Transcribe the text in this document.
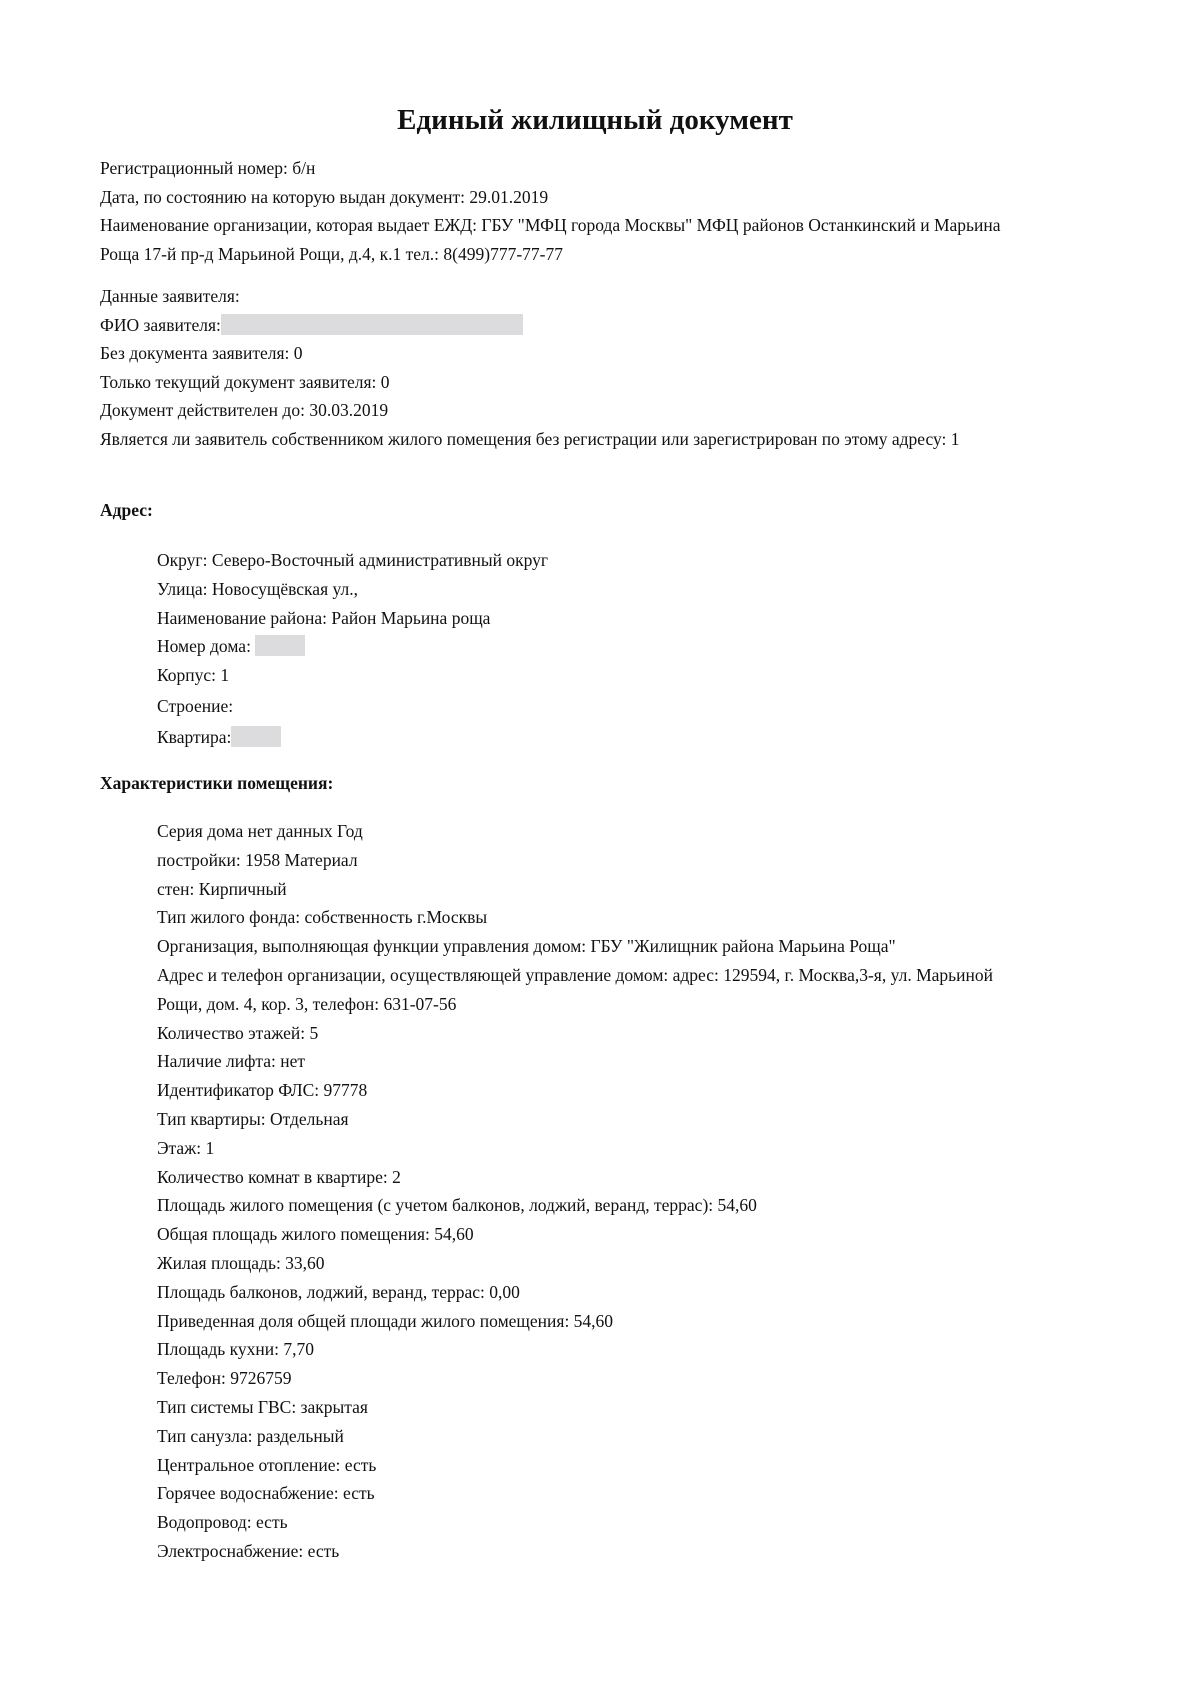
Единый жилищный документ
Регистрационный номер: б/н
Дата, по состоянию на которую выдан документ: 29.01.2019
Наименование организации, которая выдает ЕЖД: ГБУ "МФЦ города Москвы" МФЦ районов Останкинский и Марьина
Роща 17-й пр-д Марьиной Рощи, д.4, к.1 тел.: 8(499)777-77-77
Данные заявителя:
ФИО заявителя:
Без документа заявителя: 0
Только текущий документ заявителя: 0
Документ действителен до: 30.03.2019
Является ли заявитель собственником жилого помещения без регистрации или зарегистрирован по этому адресу: 1
Адрес:
Округ: Северо-Восточный административный округ
Улица: Новосущёвская ул.,
Наименование района: Район Марьина роща
Номер дома:
Корпус: 1
Строение:
Квартира:
Характеристики помещения:
Серия дома нет данных Год
постройки: 1958 Материал
стен: Кирпичный
Тип жилого фонда: собственность г.Москвы
Организация, выполняющая функции управления домом: ГБУ "Жилищник района Марьина Роща"
Адрес и телефон организации, осуществляющей управление домом: адрес: 129594, г. Москва,3-я, ул. Марьиной
Рощи, дом. 4, кор. 3, телефон: 631-07-56
Количество этажей: 5
Наличие лифта: нет
Идентификатор ФЛС: 97778
Тип квартиры: Отдельная
Этаж: 1
Количество комнат в квартире: 2
Площадь жилого помещения (с учетом балконов, лоджий, веранд, террас): 54,60
Общая площадь жилого помещения: 54,60
Жилая площадь: 33,60
Площадь балконов, лоджий, веранд, террас: 0,00
Приведенная доля общей площади жилого помещения: 54,60
Площадь кухни: 7,70
Телефон: 9726759
Тип системы ГВС: закрытая
Тип санузла: раздельный
Центральное отопление: есть
Горячее водоснабжение: есть
Водопровод: есть
Электроснабжение: есть
